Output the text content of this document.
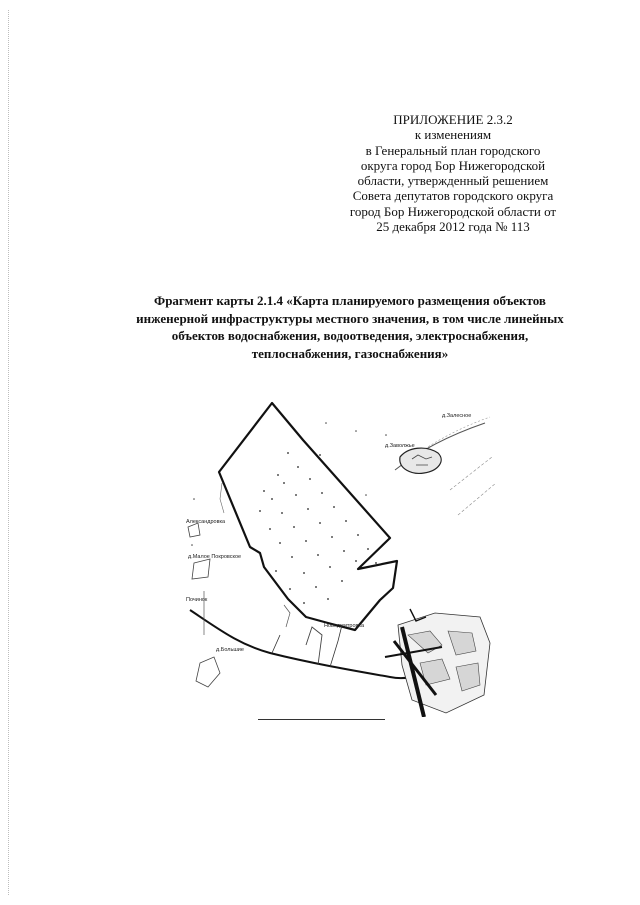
ПРИЛОЖЕНИЕ 2.3.2
к изменениям
в Генеральный план городского
округа город Бор Нижегородской
области, утвержденный решением
Совета депутатов городского округа
город Бор Нижегородской области от
25 декабря 2012 года № 113
Фрагмент карты 2.1.4 «Карта планируемого размещения объектов
инженерной инфраструктуры местного значения, в том числе линейных
объектов водоснабжения, водоотведения, электроснабжения,
теплоснабжения, газоснабжения»
д.Залесное
д.Заволжье
Александровка
д.Малое Покровское
д.Большие
Починок
Новодмитровка
